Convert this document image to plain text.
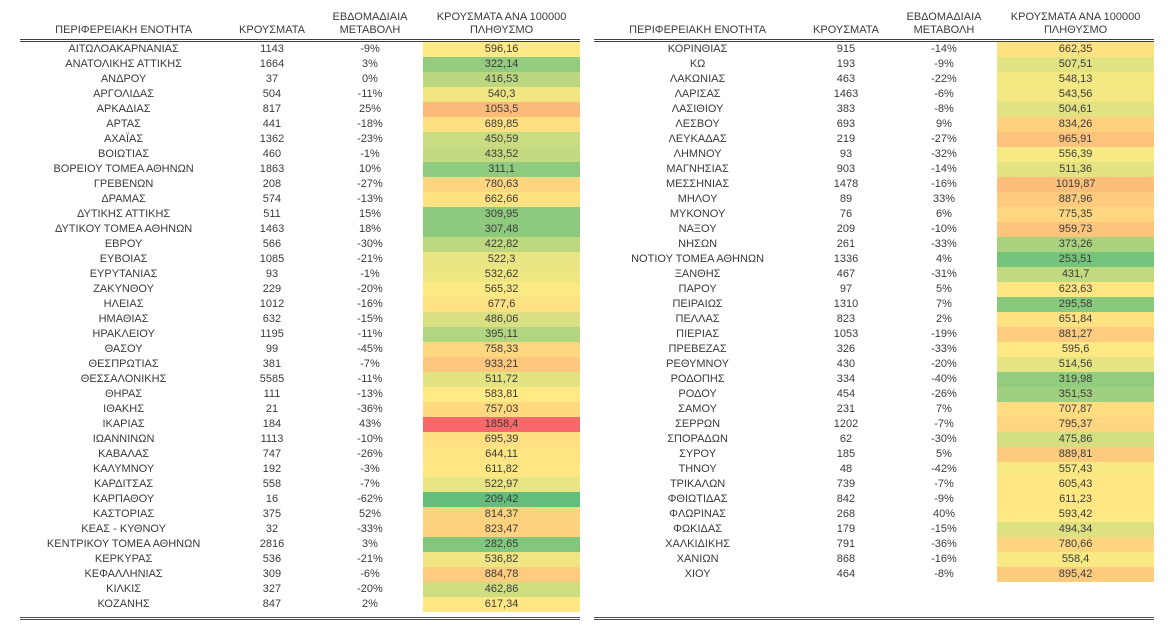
ΠΕΡΙΦΕΡΕΙΑΚΗ ΕΝΟΤΗΤΑ	ΚΡΟΥΣΜΑΤΑ	ΕΒΔΟΜΑΔΙΑΙΑ ΜΕΤΑΒΟΛΗ	ΚΡΟΥΣΜΑΤΑ ΑΝΑ 100000 ΠΛΗΘΥΣΜΟ
ΑΙΤΩΛΟΑΚΑΡΝΑΝΙΑΣ	1143	-9%	596,16
ΑΝΑΤΟΛΙΚΗΣ ΑΤΤΙΚΗΣ	1664	3%	322,14
ΑΝΔΡΟΥ	37	0%	416,53
ΑΡΓΟΛΙΔΑΣ	504	-11%	540,3
ΑΡΚΑΔΙΑΣ	817	25%	1053,5
ΑΡΤΑΣ	441	-18%	689,85
ΑΧΑΪΑΣ	1362	-23%	450,59
ΒΟΙΩΤΙΑΣ	460	-1%	433,52
ΒΟΡΕΙΟΥ ΤΟΜΕΑ ΑΘΗΝΩΝ	1863	10%	311,1
ΓΡΕΒΕΝΩΝ	208	-27%	780,63
ΔΡΑΜΑΣ	574	-13%	662,66
ΔΥΤΙΚΗΣ ΑΤΤΙΚΗΣ	511	15%	309,95
ΔΥΤΙΚΟΥ ΤΟΜΕΑ ΑΘΗΝΩΝ	1463	18%	307,48
ΕΒΡΟΥ	566	-30%	422,82
ΕΥΒΟΙΑΣ	1085	-21%	522,3
ΕΥΡΥΤΑΝΙΑΣ	93	-1%	532,62
ΖΑΚΥΝΘΟΥ	229	-20%	565,32
ΗΛΕΙΑΣ	1012	-16%	677,6
ΗΜΑΘΙΑΣ	632	-15%	486,06
ΗΡΑΚΛΕΙΟΥ	1195	-11%	395,11
ΘΑΣΟΥ	99	-45%	758,33
ΘΕΣΠΡΩΤΙΑΣ	381	-7%	933,21
ΘΕΣΣΑΛΟΝΙΚΗΣ	5585	-11%	511,72
ΘΗΡΑΣ	111	-13%	583,81
ΙΘΑΚΗΣ	21	-36%	757,03
ΙΚΑΡΙΑΣ	184	43%	1858,4
ΙΩΑΝΝΙΝΩΝ	1113	-10%	695,39
ΚΑΒΑΛΑΣ	747	-26%	644,11
ΚΑΛΥΜΝΟΥ	192	-3%	611,82
ΚΑΡΔΙΤΣΑΣ	558	-7%	522,97
ΚΑΡΠΑΘΟΥ	16	-62%	209,42
ΚΑΣΤΟΡΙΑΣ	375	52%	814,37
ΚΕΑΣ - ΚΥΘΝΟΥ	32	-33%	823,47
ΚΕΝΤΡΙΚΟΥ ΤΟΜΕΑ ΑΘΗΝΩΝ	2816	3%	282,65
ΚΕΡΚΥΡΑΣ	536	-21%	536,82
ΚΕΦΑΛΛΗΝΙΑΣ	309	-6%	884,78
ΚΙΛΚΙΣ	327	-20%	462,86
ΚΟΖΑΝΗΣ	847	2%	617,34
ΠΕΡΙΦΕΡΕΙΑΚΗ ΕΝΟΤΗΤΑ	ΚΡΟΥΣΜΑΤΑ	ΕΒΔΟΜΑΔΙΑΙΑ ΜΕΤΑΒΟΛΗ	ΚΡΟΥΣΜΑΤΑ ΑΝΑ 100000 ΠΛΗΘΥΣΜΟ
ΚΟΡΙΝΘΙΑΣ	915	-14%	662,35
ΚΩ	193	-9%	507,51
ΛΑΚΩΝΙΑΣ	463	-22%	548,13
ΛΑΡΙΣΑΣ	1463	-6%	543,56
ΛΑΣΙΘΙΟΥ	383	-8%	504,61
ΛΕΣΒΟΥ	693	9%	834,26
ΛΕΥΚΑΔΑΣ	219	-27%	965,91
ΛΗΜΝΟΥ	93	-32%	556,39
ΜΑΓΝΗΣΙΑΣ	903	-14%	511,36
ΜΕΣΣΗΝΙΑΣ	1478	-16%	1019,87
ΜΗΛΟΥ	89	33%	887,96
ΜΥΚΟΝΟΥ	76	6%	775,35
ΝΑΞΟΥ	209	-10%	959,73
ΝΗΣΩΝ	261	-33%	373,26
ΝΟΤΙΟΥ ΤΟΜΕΑ ΑΘΗΝΩΝ	1336	4%	253,51
ΞΑΝΘΗΣ	467	-31%	431,7
ΠΑΡΟΥ	97	5%	623,63
ΠΕΙΡΑΙΩΣ	1310	7%	295,58
ΠΕΛΛΑΣ	823	2%	651,84
ΠΙΕΡΙΑΣ	1053	-19%	881,27
ΠΡΕΒΕΖΑΣ	326	-33%	595,6
ΡΕΘΥΜΝΟΥ	430	-20%	514,56
ΡΟΔΟΠΗΣ	334	-40%	319,98
ΡΟΔΟΥ	454	-26%	351,53
ΣΑΜΟΥ	231	7%	707,87
ΣΕΡΡΩΝ	1202	-7%	795,37
ΣΠΟΡΑΔΩΝ	62	-30%	475,86
ΣΥΡΟΥ	185	5%	889,81
ΤΗΝΟΥ	48	-42%	557,43
ΤΡΙΚΑΛΩΝ	739	-7%	605,43
ΦΘΙΩΤΙΔΑΣ	842	-9%	611,23
ΦΛΩΡΙΝΑΣ	268	40%	593,42
ΦΩΚΙΔΑΣ	179	-15%	494,34
ΧΑΛΚΙΔΙΚΗΣ	791	-36%	780,66
ΧΑΝΙΩΝ	868	-16%	558,4
ΧΙΟΥ	464	-8%	895,42
